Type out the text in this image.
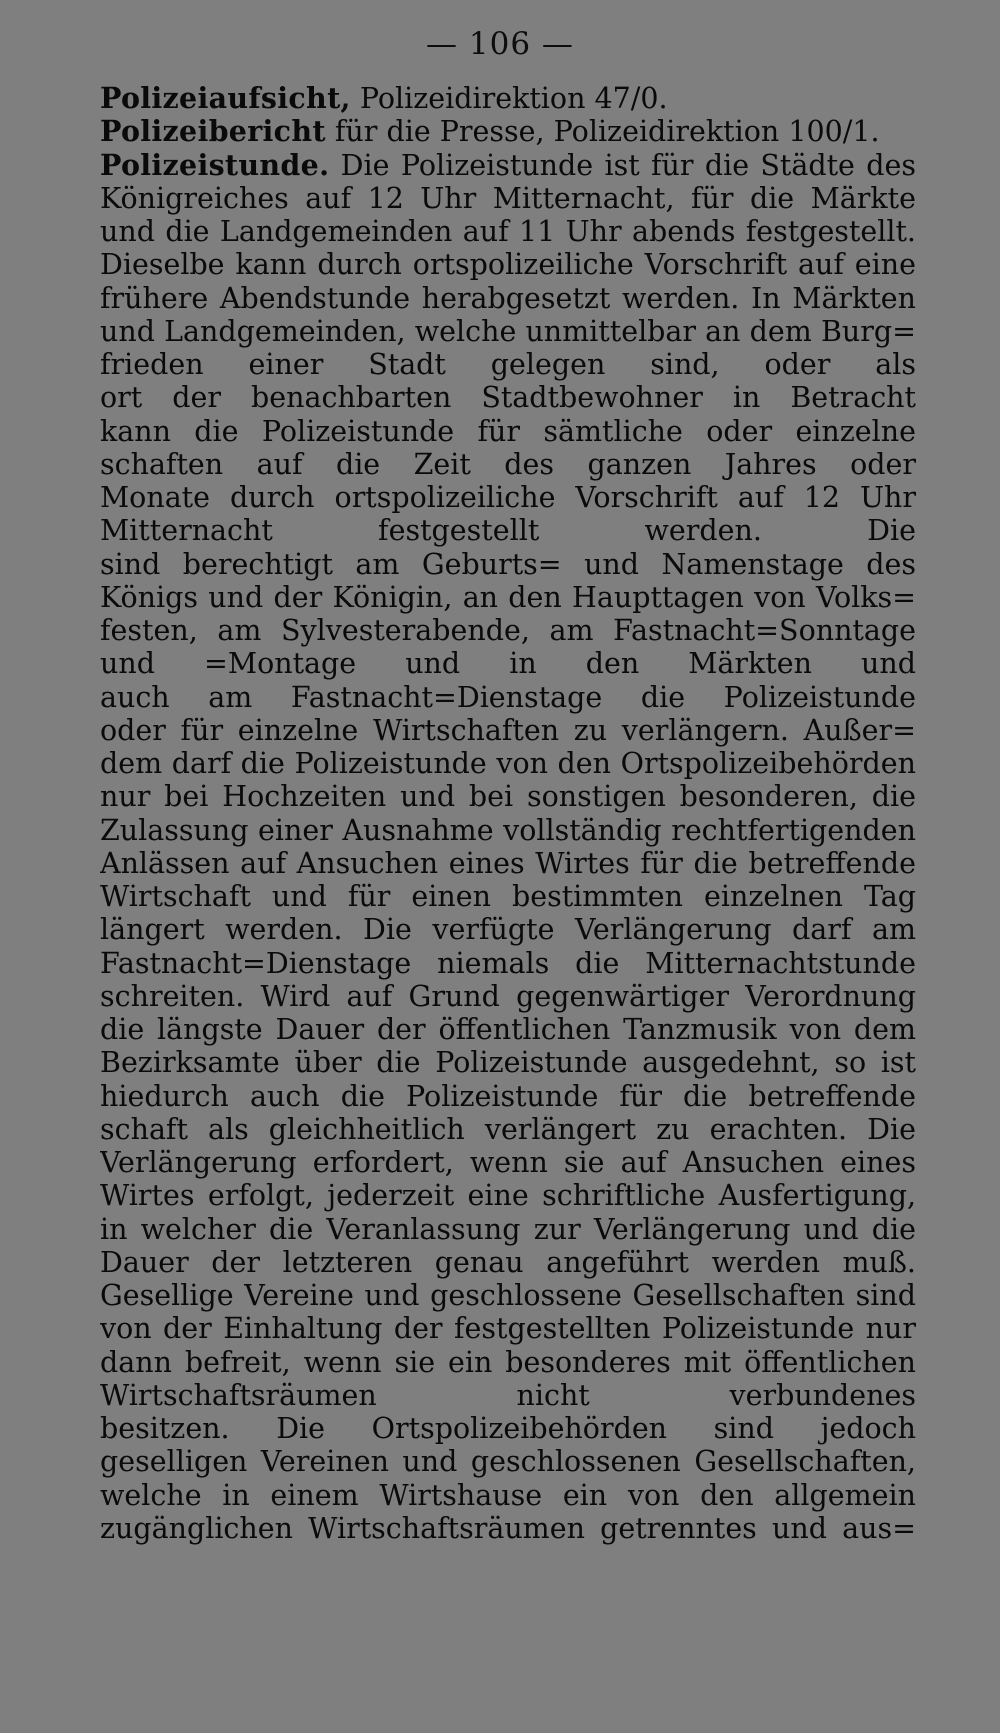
— 106 —

Polizeiaufsicht, Polizeidirektion 47/0.

Polizeibericht für die Presse, Polizeidirektion 100/1.

Polizeistunde. Die Polizeistunde ist für die Städte des
Königreiches auf 12 Uhr Mitternacht, für die Märkte
und die Landgemeinden auf 11 Uhr abends festgestellt.
Dieselbe kann durch ortspolizeiliche Vorschrift auf eine
frühere Abendstunde herabgesetzt werden. In Märkten
und Landgemeinden, welche unmittelbar an dem Burg=
frieden einer Stadt gelegen sind, oder als
ort der benachbarten Stadtbewohner in Betracht
kann die Polizeistunde für sämtliche oder einzelne
schaften auf die Zeit des ganzen Jahres oder
Monate durch ortspolizeiliche Vorschrift auf 12 Uhr
Mitternacht festgestellt werden. Die
sind berechtigt am Geburts= und Namenstage des
Königs und der Königin, an den Haupttagen von Volks=
festen, am Sylvesterabende, am Fastnacht=Sonntage
und =Montage und in den Märkten und
auch am Fastnacht=Dienstage die Polizeistunde
oder für einzelne Wirtschaften zu verlängern. Außer=
dem darf die Polizeistunde von den Ortspolizeibehörden
nur bei Hochzeiten und bei sonstigen besonderen, die
Zulassung einer Ausnahme vollständig rechtfertigenden
Anlässen auf Ansuchen eines Wirtes für die betreffende
Wirtschaft und für einen bestimmten einzelnen Tag
längert werden. Die verfügte Verlängerung darf am
Fastnacht=Dienstage niemals die Mitternachtstunde
schreiten. Wird auf Grund gegenwärtiger Verordnung
die längste Dauer der öffentlichen Tanzmusik von dem
Bezirksamte über die Polizeistunde ausgedehnt, so ist
hiedurch auch die Polizeistunde für die betreffende
schaft als gleichheitlich verlängert zu erachten. Die
Verlängerung erfordert, wenn sie auf Ansuchen eines
Wirtes erfolgt, jederzeit eine schriftliche Ausfertigung,
in welcher die Veranlassung zur Verlängerung und die
Dauer der letzteren genau angeführt werden muß.
Gesellige Vereine und geschlossene Gesellschaften sind
von der Einhaltung der festgestellten Polizeistunde nur
dann befreit, wenn sie ein besonderes mit öffentlichen
Wirtschaftsräumen nicht verbundenes
besitzen. Die Ortspolizeibehörden sind jedoch
geselligen Vereinen und geschlossenen Gesellschaften,
welche in einem Wirtshause ein von den allgemein
zugänglichen Wirtschaftsräumen getrenntes und aus=
